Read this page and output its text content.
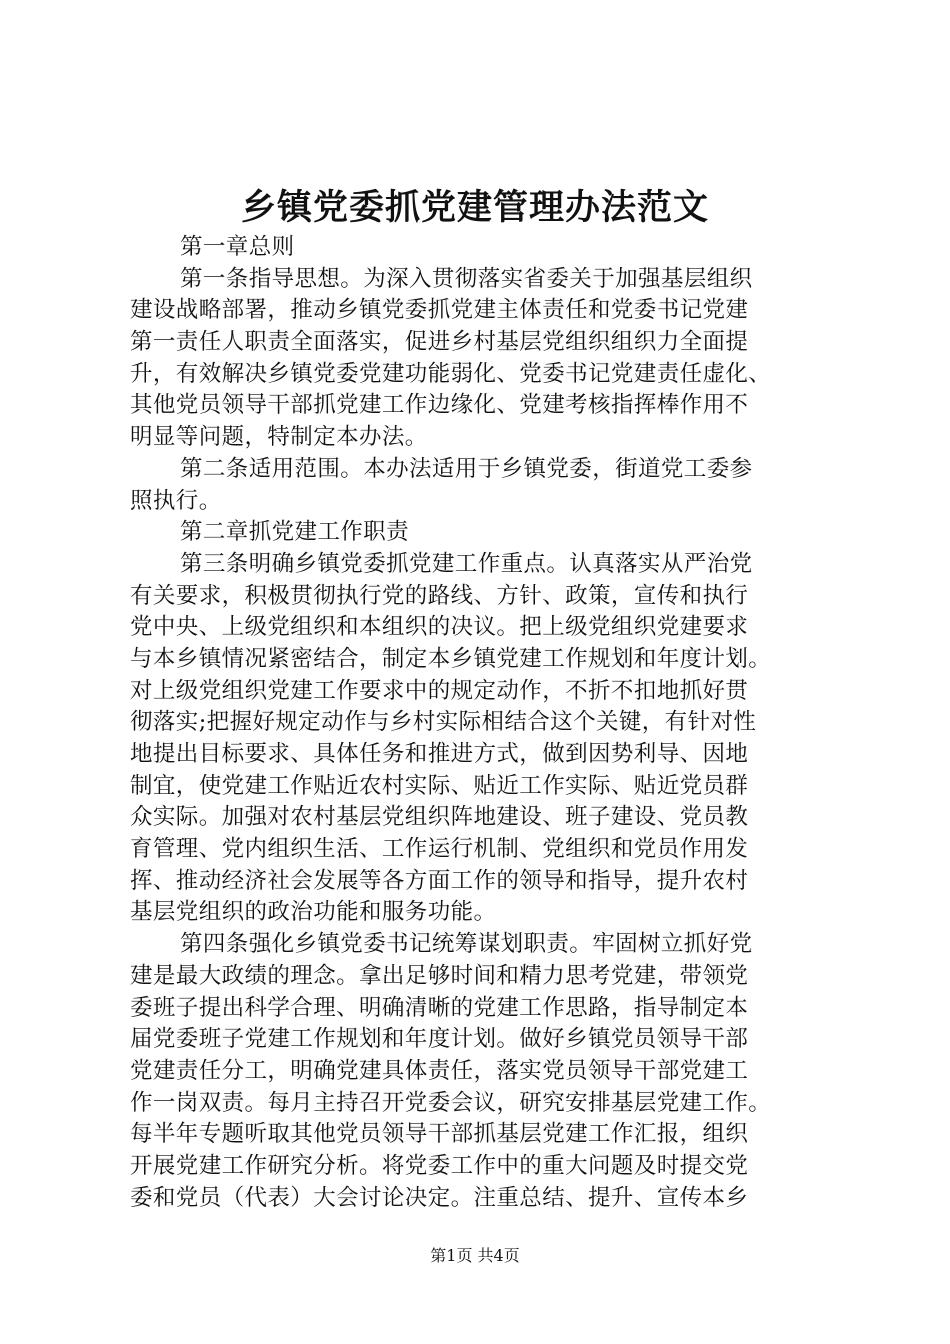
乡镇党委抓党建管理办法范文
第一章总则
第一条指导思想。为深入贯彻落实省委关于加强基层组织
建设战略部署，推动乡镇党委抓党建主体责任和党委书记党建
第一责任人职责全面落实，促进乡村基层党组织组织力全面提
升，有效解决乡镇党委党建功能弱化、党委书记党建责任虚化、
其他党员领导干部抓党建工作边缘化、党建考核指挥棒作用不
明显等问题，特制定本办法。
第二条适用范围。本办法适用于乡镇党委，街道党工委参
照执行。
第二章抓党建工作职责
第三条明确乡镇党委抓党建工作重点。认真落实从严治党
有关要求，积极贯彻执行党的路线、方针、政策，宣传和执行
党中央、上级党组织和本组织的决议。把上级党组织党建要求
与本乡镇情况紧密结合，制定本乡镇党建工作规划和年度计划。
对上级党组织党建工作要求中的规定动作，不折不扣地抓好贯
彻落实;把握好规定动作与乡村实际相结合这个关键，有针对性
地提出目标要求、具体任务和推进方式，做到因势利导、因地
制宜，使党建工作贴近农村实际、贴近工作实际、贴近党员群
众实际。加强对农村基层党组织阵地建设、班子建设、党员教
育管理、党内组织生活、工作运行机制、党组织和党员作用发
挥、推动经济社会发展等各方面工作的领导和指导，提升农村
基层党组织的政治功能和服务功能。
第四条强化乡镇党委书记统筹谋划职责。牢固树立抓好党
建是最大政绩的理念。拿出足够时间和精力思考党建，带领党
委班子提出科学合理、明确清晰的党建工作思路，指导制定本
届党委班子党建工作规划和年度计划。做好乡镇党员领导干部
党建责任分工，明确党建具体责任，落实党员领导干部党建工
作一岗双责。每月主持召开党委会议，研究安排基层党建工作。
每半年专题听取其他党员领导干部抓基层党建工作汇报，组织
开展党建工作研究分析。将党委工作中的重大问题及时提交党
委和党员（代表）大会讨论决定。注重总结、提升、宣传本乡
第1页 共4页
